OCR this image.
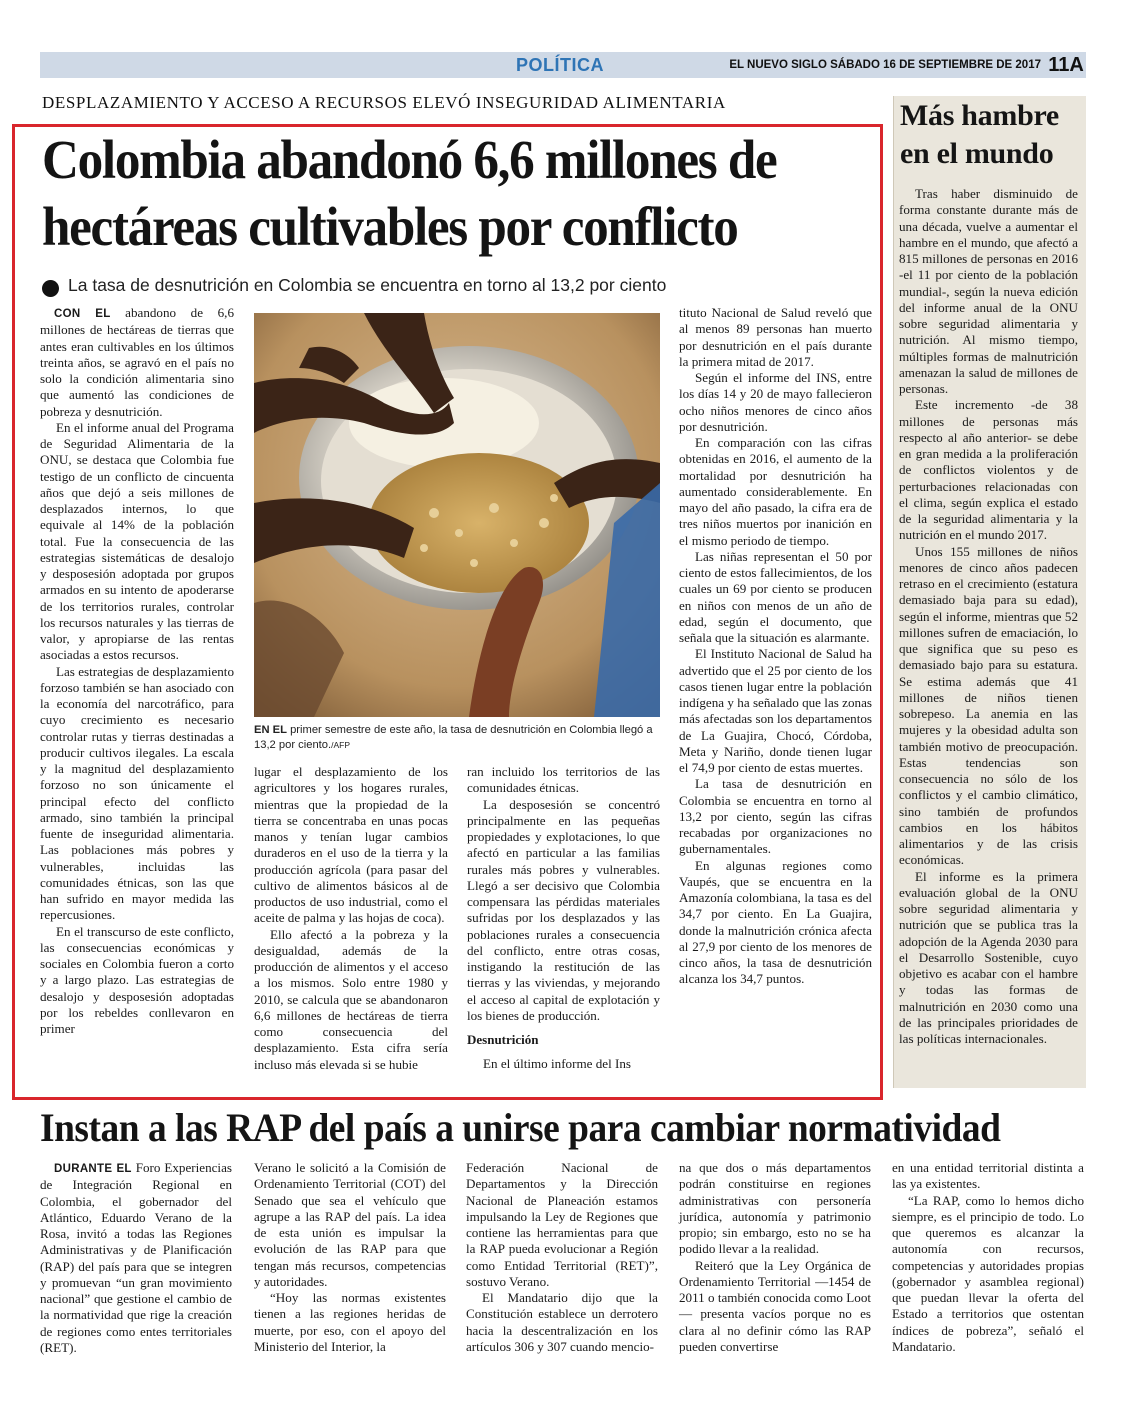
POLÍTICA	EL NUEVO SIGLO SÁBADO 16 DE SEPTIEMBRE DE 2017 11A
DESPLAZAMIENTO Y ACCESO A RECURSOS ELEVÓ INSEGURIDAD ALIMENTARIA
Colombia abandonó 6,6 millones de hectáreas cultivables por conflicto
La tasa de desnutrición en Colombia se encuentra en torno al 13,2 por ciento

CON EL abandono de 6,6 millones de hectáreas de tierras que antes eran cultivables en los últimos treinta años, se agravó en el país no solo la condición alimentaria sino que aumentó las condiciones de pobreza y desnutrición.

En el informe anual del Programa de Seguridad Alimentaria de la ONU, se destaca que Colombia fue testigo de un conflicto de cincuenta años que dejó a seis millones de desplazados internos, lo que equivale al 14% de la población total. Fue la consecuencia de las estrategias sistemáticas de desalojo y desposesión adoptada por grupos armados en su intento de apoderarse de los territorios rurales, controlar los recursos naturales y las tierras de valor, y apropiarse de las rentas asociadas a estos recursos.

Las estrategias de desplazamiento forzoso también se han asociado con la economía del narcotráfico, para cuyo crecimiento es necesario controlar rutas y tierras destinadas a producir cultivos ilegales. La escala y la magnitud del desplazamiento forzoso no son únicamente el principal efecto del conflicto armado, sino también la principal fuente de inseguridad alimentaria. Las poblaciones más pobres y vulnerables, incluidas las comunidades étnicas, son las que han sufrido en mayor medida las repercusiones.

En el transcurso de este conflicto, las consecuencias económicas y sociales en Colombia fueron a corto y a largo plazo. Las estrategias de desalojo y desposesión adoptadas por los rebeldes conllevaron en primer

EN EL primer semestre de este año, la tasa de desnutrición en Colombia llegó a 13,2 por ciento./AFP

lugar el desplazamiento de los agricultores y los hogares rurales, mientras que la propiedad de la tierra se concentraba en unas pocas manos y tenían lugar cambios duraderos en el uso de la tierra y la producción agrícola (para pasar del cultivo de alimentos básicos al de productos de uso industrial, como el aceite de palma y las hojas de coca).

Ello afectó a la pobreza y la desigualdad, además de la producción de alimentos y el acceso a los mismos. Solo entre 1980 y 2010, se calcula que se abandonaron 6,6 millones de hectáreas de tierra como consecuencia del desplazamiento. Esta cifra sería incluso más elevada si se hubie

ran incluido los territorios de las comunidades étnicas.

La desposesión se concentró principalmente en las pequeñas propiedades y explotaciones, lo que afectó en particular a las familias rurales más pobres y vulnerables. Llegó a ser decisivo que Colombia compensara las pérdidas materiales sufridas por los desplazados y las poblaciones rurales a consecuencia del conflicto, entre otras cosas, instigando la restitución de las tierras y las viviendas, y mejorando el acceso al capital de explotación y los bienes de producción.

Desnutrición

En el último informe del Ins

tituto Nacional de Salud reveló que al menos 89 personas han muerto por desnutrición en el país durante la primera mitad de 2017.

Según el informe del INS, entre los días 14 y 20 de mayo fallecieron ocho niños menores de cinco años por desnutrición.

En comparación con las cifras obtenidas en 2016, el aumento de la mortalidad por desnutrición ha aumentado considerablemente. En mayo del año pasado, la cifra era de tres niños muertos por inanición en el mismo periodo de tiempo.

Las niñas representan el 50 por ciento de estos fallecimientos, de los cuales un 69 por ciento se producen en niños con menos de un año de edad, según el documento, que señala que la situación es alarmante.

El Instituto Nacional de Salud ha advertido que el 25 por ciento de los casos tienen lugar entre la población indígena y ha señalado que las zonas más afectadas son los departamentos de La Guajira, Chocó, Córdoba, Meta y Nariño, donde tienen lugar el 74,9 por ciento de estas muertes.

La tasa de desnutrición en Colombia se encuentra en torno al 13,2 por ciento, según las cifras recabadas por organizaciones no gubernamentales.

En algunas regiones como Vaupés, que se encuentra en la Amazonía colombiana, la tasa es del 34,7 por ciento. En La Guajira, donde la malnutrición crónica afecta al 27,9 por ciento de los menores de cinco años, la tasa de desnutrición alcanza los 34,7 puntos.

Más hambre en el mundo

Tras haber disminuido de forma constante durante más de una década, vuelve a aumentar el hambre en el mundo, que afectó a 815 millones de personas en 2016 -el 11 por ciento de la población mundial-, según la nueva edición del informe anual de la ONU sobre seguridad alimentaria y nutrición. Al mismo tiempo, múltiples formas de malnutrición amenazan la salud de millones de personas.

Este incremento -de 38 millones de personas más respecto al año anterior- se debe en gran medida a la proliferación de conflictos violentos y de perturbaciones relacionadas con el clima, según explica el estado de la seguridad alimentaria y la nutrición en el mundo 2017.

Unos 155 millones de niños menores de cinco años padecen retraso en el crecimiento (estatura demasiado baja para su edad), según el informe, mientras que 52 millones sufren de emaciación, lo que significa que su peso es demasiado bajo para su estatura. Se estima además que 41 millones de niños tienen sobrepeso. La anemia en las mujeres y la obesidad adulta son también motivo de preocupación. Estas tendencias son consecuencia no sólo de los conflictos y el cambio climático, sino también de profundos cambios en los hábitos alimentarios y de las crisis económicas.

El informe es la primera evaluación global de la ONU sobre seguridad alimentaria y nutrición que se publica tras la adopción de la Agenda 2030 para el Desarrollo Sostenible, cuyo objetivo es acabar con el hambre y todas las formas de malnutrición en 2030 como una de las principales prioridades de las políticas internacionales.

Instan a las RAP del país a unirse para cambiar normatividad

DURANTE EL Foro Experiencias de Integración Regional en Colombia, el gobernador del Atlántico, Eduardo Verano de la Rosa, invitó a todas las Regiones Administrativas y de Planificación (RAP) del país para que se integren y promuevan “un gran movimiento nacional” que gestione el cambio de la normatividad que rige la creación de regiones como entes territoriales (RET).

Verano le solicitó a la Comisión de Ordenamiento Territorial (COT) del Senado que sea el vehículo que agrupe a las RAP del país. La idea de esta unión es impulsar la evolución de las RAP para que tengan más recursos, competencias y autoridades.

“Hoy las normas existentes tienen a las regiones heridas de muerte, por eso, con el apoyo del Ministerio del Interior, la

Federación Nacional de Departamentos y la Dirección Nacional de Planeación estamos impulsando la Ley de Regiones que contiene las herramientas para que la RAP pueda evolucionar a Región como Entidad Territorial (RET)”, sostuvo Verano.

El Mandatario dijo que la Constitución establece un derrotero hacia la descentralización en los artículos 306 y 307 cuando mencio-

na que dos o más departamentos podrán constituirse en regiones administrativas con personería jurídica, autonomía y patrimonio propio; sin embargo, esto no se ha podido llevar a la realidad.

Reiteró que la Ley Orgánica de Ordenamiento Territorial —1454 de 2011 o también conocida como Loot— presenta vacíos porque no es clara al no definir cómo las RAP pueden convertirse

en una entidad territorial distinta a las ya existentes.

“La RAP, como lo hemos dicho siempre, es el principio de todo. Lo que queremos es alcanzar la autonomía con recursos, competencias y autoridades propias (gobernador y asamblea regional) que puedan llevar la oferta del Estado a territorios que ostentan índices de pobreza”, señaló el Mandatario.
